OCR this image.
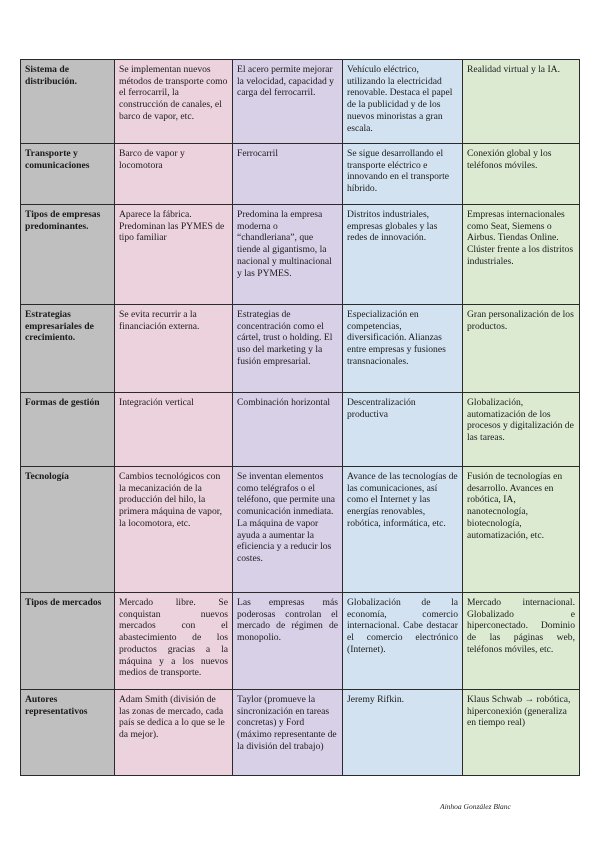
Sistema de distribución.	Se implementan nuevos métodos de transporte como el ferrocarril, la construcción de canales, el barco de vapor, etc.	El acero permite mejorar la velocidad, capacidad y carga del ferrocarril.	Vehículo eléctrico, utilizando la electricidad renovable. Destaca el papel de la publicidad y de los nuevos minoristas a gran escala.	Realidad virtual y la IA.
Transporte y comunicaciones	Barco de vapor y locomotora	Ferrocarril	Se sigue desarrollando el transporte eléctrico e innovando en el transporte híbrido.	Conexión global y los teléfonos móviles.
Tipos de empresas predominantes.	Aparece la fábrica. Predominan las PYMES de tipo familiar	Predomina la empresa moderna o “chandleriana”, que tiende al gigantismo, la nacional y multinacional y las PYMES.	Distritos industriales, empresas globales y las redes de innovación.	Empresas internacionales como Seat, Siemens o Airbus. Tiendas Online. Clúster frente a los distritos industriales.
Estrategias empresariales de crecimiento.	Se evita recurrir a la financiación externa.	Estrategias de concentración como el cártel, trust o holding. El uso del marketing y la fusión empresarial.	Especialización en competencias, diversificación. Alianzas entre empresas y fusiones transnacionales.	Gran personalización de los productos.
Formas de gestión	Integración vertical	Combinación horizontal	Descentralización productiva	Globalización, automatización de los procesos y digitalización de las tareas.
Tecnología	Cambios tecnológicos con la mecanización de la producción del hilo, la primera máquina de vapor, la locomotora, etc.	Se inventan elementos como telégrafos o el teléfono, que permite una comunicación inmediata. La máquina de vapor ayuda a aumentar la eficiencia y a reducir los costes.	Avance de las tecnologías de las comunicaciones, así como el Internet y las energías renovables, robótica, informática, etc.	Fusión de tecnologías en desarrollo. Avances en robótica, IA, nanotecnología, biotecnología, automatización, etc.
Tipos de mercados	Mercado libre. Se conquistan nuevos mercados con el abastecimiento de los productos gracias a la máquina y a los nuevos medios de transporte.	Las empresas más poderosas controlan el mercado de régimen de monopolio.	Globalización de la economía, comercio internacional. Cabe destacar el comercio electrónico (Internet).	Mercado internacional. Globalizado e hiperconectado. Dominio de las páginas web, teléfonos móviles, etc.
Autores representativos	Adam Smith (división de las zonas de mercado, cada país se dedica a lo que se le da mejor).	Taylor (promueve la sincronización en tareas concretas) y Ford (máximo representante de la división del trabajo)	Jeremy Rifkin.	Klaus Schwab → robótica, hiperconexión (generaliza en tiempo real)
Ainhoa González Blanc
